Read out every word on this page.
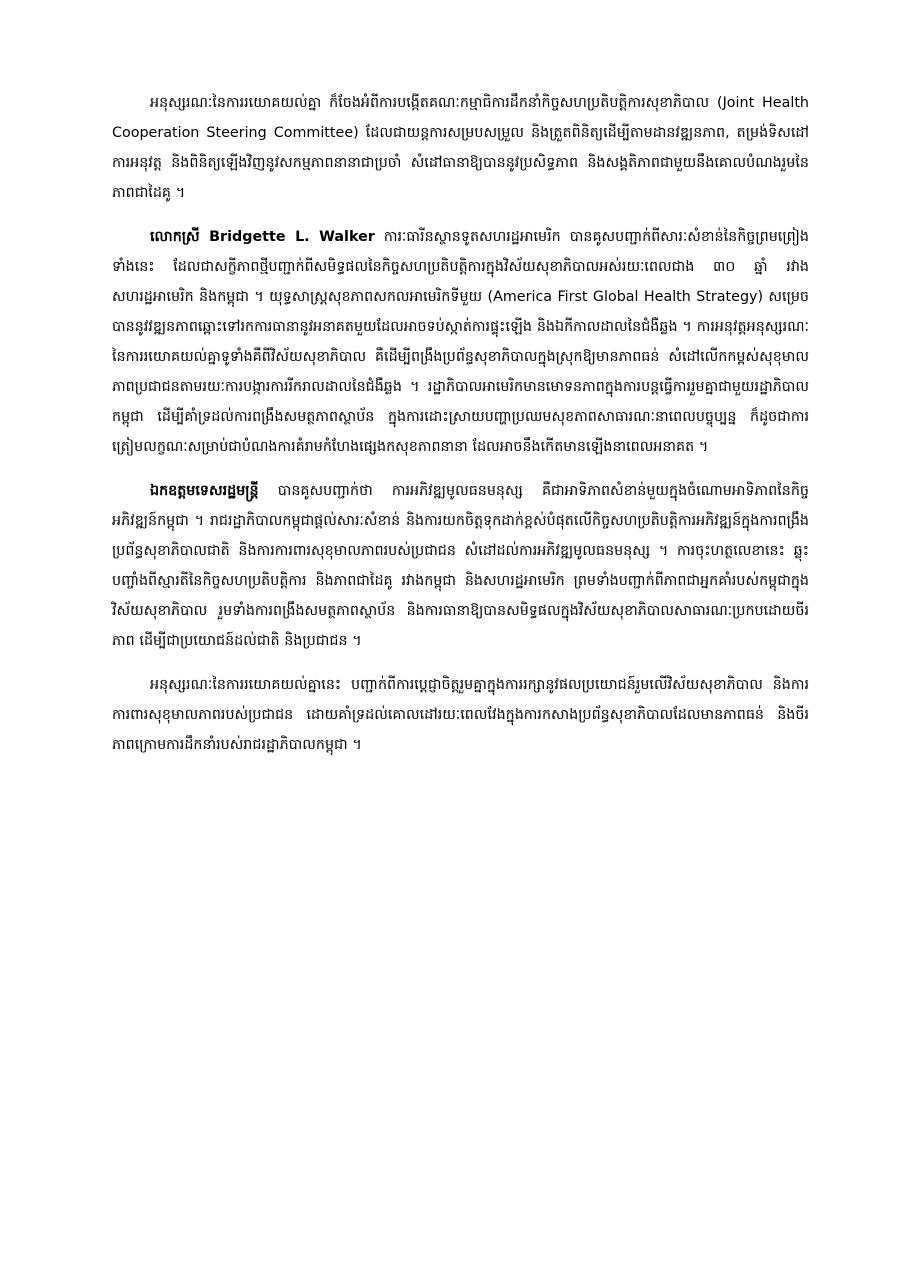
អនុស្សរណៈនៃការរយោគយល់គ្នា ក៏ចែងអំពីការបង្កើតគណៈកម្មាធិការដឹកនាំកិច្ចសហប្រតិបត្តិការសុខាភិបាល (Joint Health Cooperation Steering Committee) ដែលជាយន្តការសម្របសម្រួល និងត្រួតពិនិត្យដើម្បីតាមដានវឌ្ឍនភាព, តម្រង់ទិសដៅការអនុវត្ត និងពិនិត្យឡើងវិញនូវសកម្មភាពនានាជាប្រចាំ សំដៅធានាឱ្យបាននូវប្រសិទ្ធភាព និងសង្គតិភាពជាមួយនឹងគោលបំណងរួមនៃភាពជាដៃគូ ។

លោកស្រី Bridgette L. Walker ការៈធារីនស្ថានទូតសហរដ្ឋអាមេរិក បានគូសបញ្ជាក់ពីសារៈសំខាន់នៃកិច្ចព្រមព្រៀងទាំងនេះ ដែលជាសក្ខីភាពថ្មីបញ្ជាក់ពីសមិទ្ធផលនៃកិច្ចសហប្រតិបត្តិការក្នុងវិស័យសុខាភិបាលអស់រយៈពេលជាង ៣០ ឆ្នាំ រវាងសហរដ្ឋអាមេរិក និងកម្ពុជា ។ យុទ្ធសាស្ត្រសុខភាពសកលអាមេរិកទីមួយ (America First Global Health Strategy) សម្រេចបាននូវវឌ្ឍនភាពឆ្ពោះទៅរកការធានានូវអនាគតមួយដែលអាចទប់ស្កាត់ការផ្ទុះឡើង និងឯកីកាលដាលនៃជំងឺឆ្លង ។ ការអនុវត្តអនុស្សរណៈនៃការរយោគយល់គ្នាទូទាំងគឺពីវិស័យសុខាភិបាល គឺដើម្បីពង្រឹងប្រព័ន្ធសុខាភិបាលក្នុងស្រុកឱ្យមានភាពធន់ សំដៅលើកកម្ពស់សុខុមាលភាពប្រជាជនតាមរយៈការបង្ការការរីករាលដាលនៃជំងឺឆ្លង ។ រដ្ឋាភិបាលអាមេរិកមានមោទនភាពក្នុងការបន្តធ្វើការរួមគ្នាជាមួយរដ្ឋាភិបាលកម្ពុជា ដើម្បីគាំទ្រដល់ការពង្រឹងសមត្ថភាពស្ថាប័ន ក្នុងការដោះស្រាយបញ្ហាប្រឈមសុខភាពសាធារណៈនាពេលបច្ចុប្បន្ន ក៏ដូចជាការត្រៀមលក្ខណៈសម្រាប់ជាបំណងការគំរាមកំហែងផ្សេងកសុខភាពនានា ដែលអាចនឹងកើតមានឡើងនាពេលអនាគត ។

ឯកឧត្តមទេសរដ្ឋមន្ត្រី បានគូសបញ្ជាក់ថា ការអភិវឌ្ឍមូលធនមនុស្ស គឺជាអាទិភាពសំខាន់មួយក្នុងចំណោមអាទិភាពនៃកិច្ចអភិវឌ្ឍន៍កម្ពុជា ។ រាជរដ្ឋាភិបាលកម្ពុជាផ្តល់សារៈសំខាន់ និងការយកចិត្តទុកដាក់ខ្ពស់បំផុតលើកិច្ចសហប្រតិបត្តិការអភិវឌ្ឍន៍ក្នុងការពង្រឹងប្រព័ន្ធសុខាភិបាលជាតិ និងការការពារសុខុមាលភាពរបស់ប្រជាជន សំដៅដល់ការអភិវឌ្ឍមូលធនមនុស្ស ។ ការចុះហត្ថលេខានេះ ឆ្លុះបញ្ចាំងពីស្មារតីនៃកិច្ចសហប្រតិបត្តិការ និងភាពជាដៃគូ រវាងកម្ពុជា និងសហរដ្ឋអាមេរិក ព្រមទាំងបញ្ជាក់ពីភាពជាអ្នកគាំរបស់កម្ពុជាក្នុងវិស័យសុខាភិបាល រួមទាំងការពង្រឹងសមត្ថភាពស្ថាប័ន និងការធានាឱ្យបានសមិទ្ធផលក្នុងវិស័យសុខាភិបាលសាធារណៈប្រកបដោយចីរភាព ដើម្បីជាប្រយោជន៍ដល់ជាតិ និងប្រជាជន ។

អនុស្សរណៈនៃការរយោគយល់គ្នានេះ បញ្ជាក់ពីការប្តេជ្ញាចិត្តរួមគ្នាក្នុងការរក្សានូវផលប្រយោជន៍រួមលើវិស័យសុខាភិបាល និងការការពារសុខុមាលភាពរបស់ប្រជាជន ដោយគាំទ្រដល់គោលដៅរយៈពេលវែងក្នុងការកសាងប្រព័ន្ធសុខាភិបាលដែលមានភាពធន់ និងចីរភាពក្រោមការដឹកនាំរបស់រាជរដ្ឋាភិបាលកម្ពុជា ។
